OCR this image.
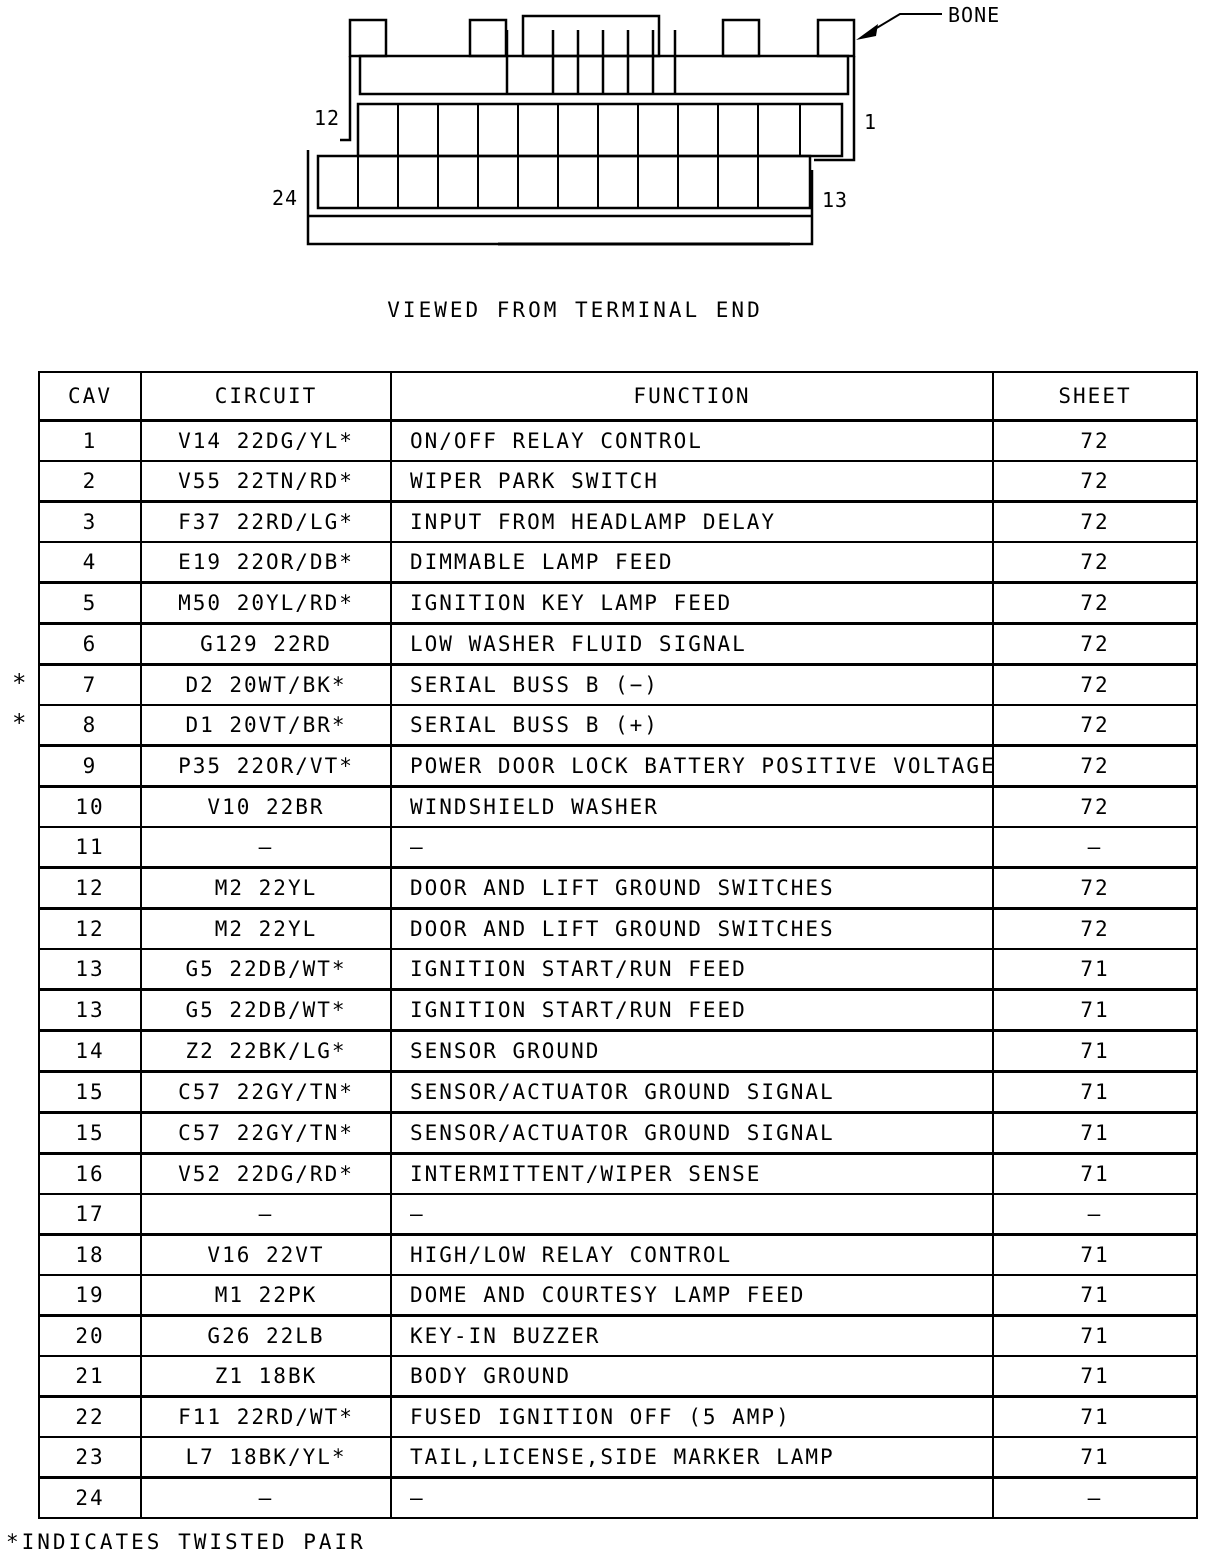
BONE
12	1
24	13
VIEWED FROM TERMINAL END
CAV	CIRCUIT	FUNCTION	SHEET
1	V14 22DG/YL*	ON/OFF RELAY CONTROL	72
2	V55 22TN/RD*	WIPER PARK SWITCH	72
3	F37 22RD/LG*	INPUT FROM HEADLAMP DELAY	72
4	E19 22OR/DB*	DIMMABLE LAMP FEED	72
5	M50 20YL/RD*	IGNITION KEY LAMP FEED	72
6	G129 22RD	LOW WASHER FLUID SIGNAL	72
7	D2 20WT/BK*	SERIAL BUSS B (−)	72
8	D1 20VT/BR*	SERIAL BUSS B (+)	72
9	P35 22OR/VT*	POWER DOOR LOCK BATTERY POSITIVE VOLTAGE	72
10	V10 22BR	WINDSHIELD WASHER	72
11	—	—	—
12	M2 22YL	DOOR AND LIFT GROUND SWITCHES	72
12	M2 22YL	DOOR AND LIFT GROUND SWITCHES	72
13	G5 22DB/WT*	IGNITION START/RUN FEED	71
13	G5 22DB/WT*	IGNITION START/RUN FEED	71
14	Z2 22BK/LG*	SENSOR GROUND	71
15	C57 22GY/TN*	SENSOR/ACTUATOR GROUND SIGNAL	71
15	C57 22GY/TN*	SENSOR/ACTUATOR GROUND SIGNAL	71
16	V52 22DG/RD*	INTERMITTENT/WIPER SENSE	71
17	—	—	—
18	V16 22VT	HIGH/LOW RELAY CONTROL	71
19	M1 22PK	DOME AND COURTESY LAMP FEED	71
20	G26 22LB	KEY-IN BUZZER	71
21	Z1 18BK	BODY GROUND	71
22	F11 22RD/WT*	FUSED IGNITION OFF (5 AMP)	71
23	L7 18BK/YL*	TAIL,LICENSE,SIDE MARKER LAMP	71
24	—	—	—
*
*
*INDICATES TWISTED PAIR
